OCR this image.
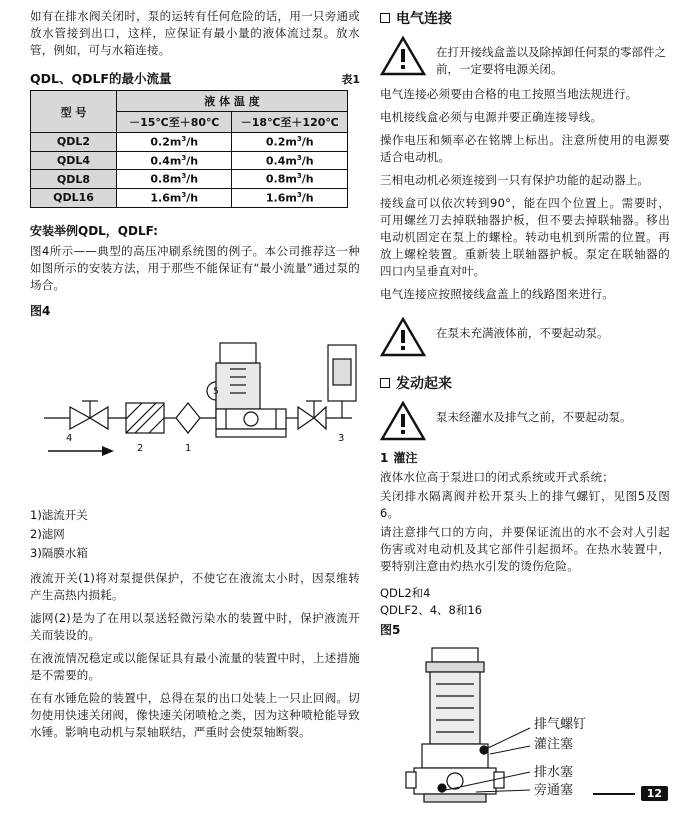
如有在排水阀关闭时，泵的运转有任何危险的话，用一只旁通或放水管接到出口，这样，应保证有最小量的液体流过泵。放水管，例如，可与水箱连接。

QDL、QDLF的最小流量	表1
型 号	液 体 温 度	
	－15℃至＋80℃	－18℃至＋120℃
QDL2	$0.2m^3/h$	$0.2m^3/h$
QDL4	$0.4m^3/h$	$0.4m^3/h$
QDL8	$0.8m^3/h$	$0.8m^3/h$
QDL16	$1.6m^3/h$	$1.6m^3/h$
安装举例QDL，QDLF:

图4所示——典型的高压冲刷系统图的例子。本公司推荐这一种如图所示的安装方法，用于那些不能保证有“最小流量”通过泵的场合。

图4
2	1
4	3
5
1)滤流开关
2)滤网
3)隔膜水箱

液流开关(1)将对泵提供保护，不使它在液流太小时，因泵维转产生高热内损耗。

滤网(2)是为了在用以泵送轻微污染水的装置中时，保护液流开关而装设的。

在液流情况稳定或以能保证具有最小流量的装置中时，上述措施是不需要的。

在有水锤危险的装置中，总得在泵的出口处装上一只止回阀。切勿使用快速关闭阀，像快速关闭喷枪之类，因为这种喷枪能导致水锤。影响电动机与泵轴联结，严重时会使泵轴断裂。

电气连接
在打开接线盒盖以及除掉卸任何泵的零部件之前，一定要将电源关闭。

电气连接必须要由合格的电工按照当地法规进行。

电机接线盒必须与电源并要正确连接导线。

操作电压和频率必在铭牌上标出。注意所使用的电源要适合电动机。

三相电动机必须连接到一只有保护功能的起动器上。

接线盒可以依次转到90°，能在四个位置上。需要时，可用螺丝刀去掉联轴器护板，但不要去掉联轴器。移出电动机固定在泵上的螺栓。转动电机到所需的位置。再放上螺栓装置。重新装上联轴器护板。泵定在联轴器的四口内呈垂直对叶。

电气连接应按照接线盒盖上的线路图来进行。

在泵未充满液体前，不要起动泵。
发动起来
泵未经灌水及排气之前，不要起动泵。
1 灌注

液体水位高于泵进口的闭式系统或开式系统；

关闭排水隔离阀并松开泵头上的排气螺钉，见图5及图6。

请注意排气口的方向，并要保证流出的水不会对人引起伤害或对电动机及其它部件引起损坏。在热水装置中，要特别注意由灼热水引发的烫伤危险。

QDL2和4

QDLF2、4、8和16

图5
排气螺钉
灌注塞
排水塞
旁通塞	12
